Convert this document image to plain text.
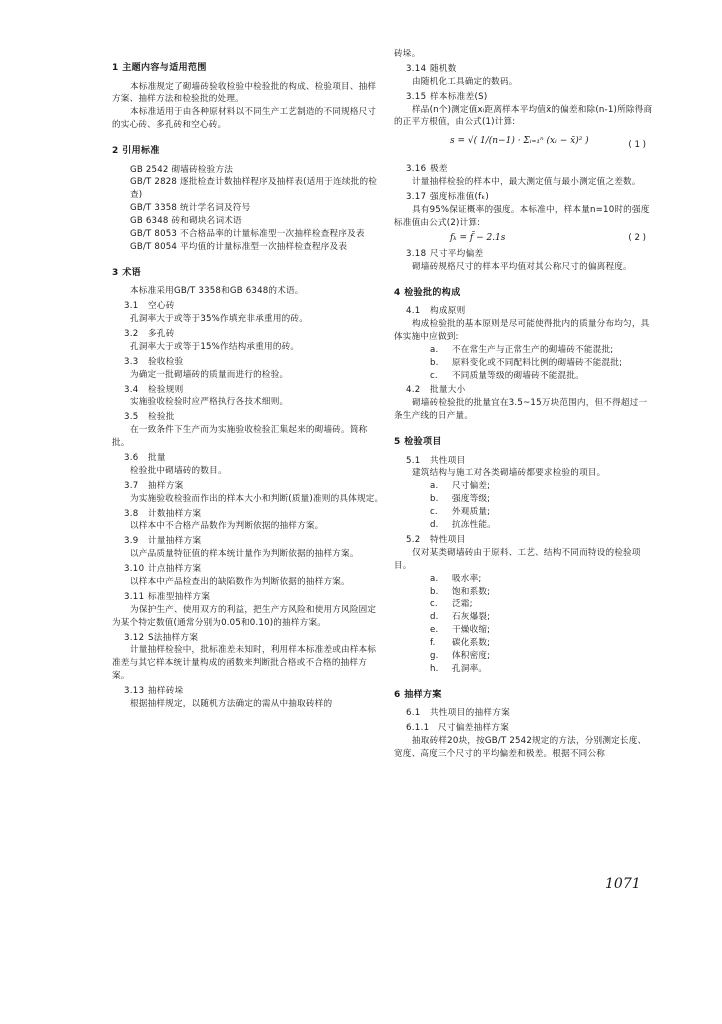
1 主题内容与适用范围

本标准规定了砌墙砖验收检验中检验批的构成、检验项目、抽样方案、抽样方法和检验批的处理。

本标准适用于由各种原材料以不同生产工艺制造的不同规格尺寸的实心砖、多孔砖和空心砖。

2 引用标准

GB 2542 砌墙砖检验方法

GB/T 2828 逐批检查计数抽样程序及抽样表(适用于连续批的检查)

GB/T 3358 统计学名词及符号

GB 6348 砖和砌块名词术语

GB/T 8053 不合格品率的计量标准型一次抽样检查程序及表

GB/T 8054 平均值的计量标准型一次抽样检查程序及表

3 术语

本标准采用GB/T 3358和GB 6348的术语。

3.1 空心砖

孔洞率大于或等于35%作填充非承重用的砖。

3.2 多孔砖

孔洞率大于或等于15%作结构承重用的砖。

3.3 验收检验

为确定一批砌墙砖的质量而进行的检验。

3.4 检验规则

实施验收检验时应严格执行各技术细则。

3.5 检验批

在一致条件下生产而为实施验收检验汇集起来的砌墙砖。简称批。

3.6 批量

检验批中砌墙砖的数目。

3.7 抽样方案

为实施验收检验而作出的样本大小和判断(质量)准则的具体规定。

3.8 计数抽样方案

以样本中不合格产品数作为判断依据的抽样方案。

3.9 计量抽样方案

以产品质量特征值的样本统计量作为判断依据的抽样方案。

3.10 计点抽样方案

以样本中产品检查出的缺陷数作为判断依据的抽样方案。

3.11 标准型抽样方案

为保护生产、使用双方的利益，把生产方风险和使用方风险固定为某个特定数值(通常分别为0.05和0.10)的抽样方案。

3.12 S法抽样方案

计量抽样检验中，批标准差未知时，利用样本标准差或由样本标准差与其它样本统计量构成的函数来判断批合格或不合格的抽样方案。

3.13 抽样砖垛

根据抽样规定，以随机方法确定的需从中抽取砖样的

砖垛。

3.14 随机数

由随机化工具确定的数码。

3.15 样本标准差(S)

样品(n个)测定值xᵢ距离样本平均值x̄的偏差和除(n-1)所除得商的正平方根值，由公式(1)计算:

s = √( 1/(n−1) · Σᵢ₌₁ⁿ (xᵢ − x̄)² )	( 1 )

3.16 极差

计量抽样检验的样本中，最大测定值与最小测定值之差数。

3.17 强度标准值(fₖ)

具有95%保证概率的强度。本标准中，样本量n=10时的强度标准值由公式(2)计算:

fₖ = f̄ − 2.1s	( 2 )

3.18 尺寸平均偏差

砌墙砖规格尺寸的样本平均值对其公称尺寸的偏离程度。

4 检验批的构成

4.1 构成原则

构成检验批的基本原则是尽可能使得批内的质量分布均匀，具体实施中应做到:

a. 不在常生产与正常生产的砌墙砖不能混批;

b. 原料变化或不同配料比例的砌墙砖不能混批;

c. 不同质量等级的砌墙砖不能混批。

4.2 批量大小

砌墙砖检验批的批量宜在3.5~15万块范围内，但不得超过一条生产线的日产量。

5 检验项目

5.1 共性项目

建筑结构与施工对各类砌墙砖都要求检验的项目。

a. 尺寸偏差;

b. 强度等级;

c. 外观质量;

d. 抗冻性能。

5.2 特性项目

仅对某类砌墙砖由于原料、工艺、结构不同而特设的检验项目。

a. 吸水率;

b. 饱和系数;

c. 泛霜;

d. 石灰爆裂;

e. 干燥收缩;

f. 碳化系数;

g. 体积密度;

h. 孔洞率。

6 抽样方案

6.1 共性项目的抽样方案

6.1.1 尺寸偏差抽样方案

抽取砖样20块，按GB/T 2542规定的方法，分别测定长度、宽度、高度三个尺寸的平均偏差和极差。根据不同公称

1071
